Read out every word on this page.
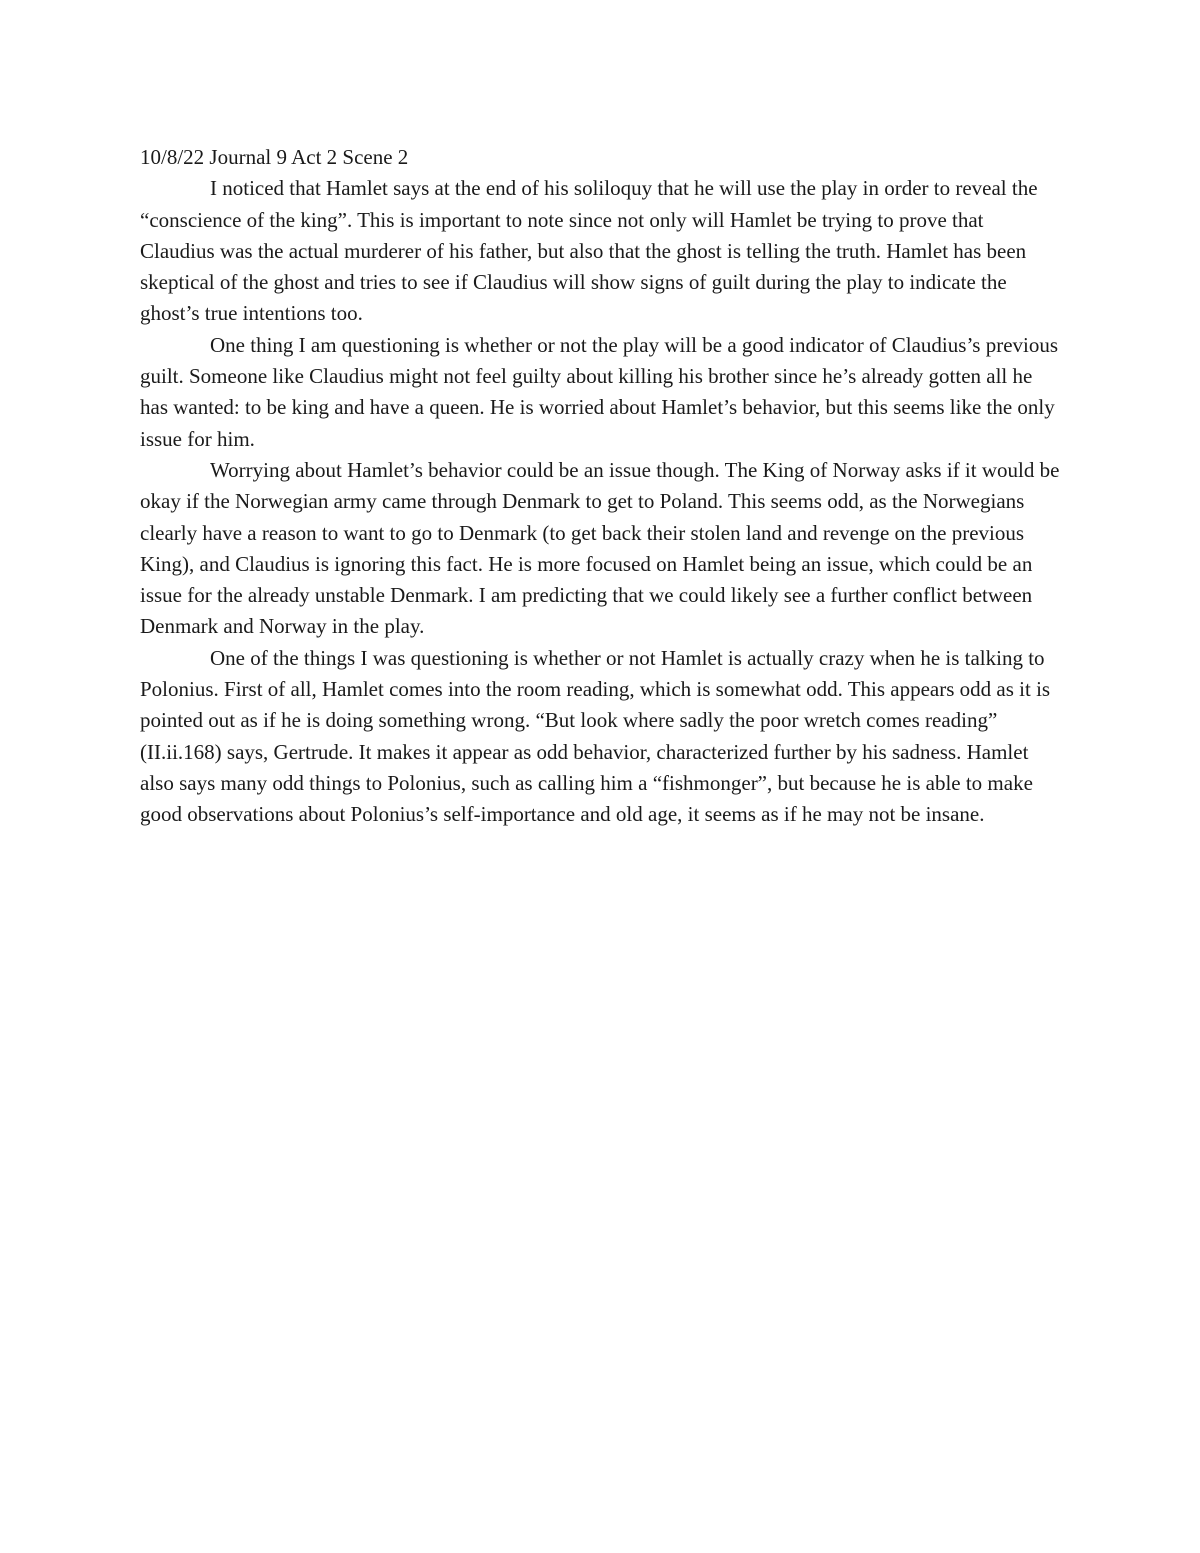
10/8/22 Journal 9 Act 2 Scene 2

I noticed that Hamlet says at the end of his soliloquy that he will use the play in order to reveal the “conscience of the king”. This is important to note since not only will Hamlet be trying to prove that Claudius was the actual murderer of his father, but also that the ghost is telling the truth. Hamlet has been skeptical of the ghost and tries to see if Claudius will show signs of guilt during the play to indicate the ghost’s true intentions too.

One thing I am questioning is whether or not the play will be a good indicator of Claudius’s previous guilt. Someone like Claudius might not feel guilty about killing his brother since he’s already gotten all he has wanted: to be king and have a queen. He is worried about Hamlet’s behavior, but this seems like the only issue for him.

Worrying about Hamlet’s behavior could be an issue though. The King of Norway asks if it would be okay if the Norwegian army came through Denmark to get to Poland. This seems odd, as the Norwegians clearly have a reason to want to go to Denmark (to get back their stolen land and revenge on the previous King), and Claudius is ignoring this fact. He is more focused on Hamlet being an issue, which could be an issue for the already unstable Denmark. I am predicting that we could likely see a further conflict between Denmark and Norway in the play.

One of the things I was questioning is whether or not Hamlet is actually crazy when he is talking to Polonius. First of all, Hamlet comes into the room reading, which is somewhat odd. This appears odd as it is pointed out as if he is doing something wrong. “But look where sadly the poor wretch comes reading” (II.ii.168) says, Gertrude. It makes it appear as odd behavior, characterized further by his sadness. Hamlet also says many odd things to Polonius, such as calling him a “fishmonger”, but because he is able to make good observations about Polonius’s self-importance and old age, it seems as if he may not be insane.
